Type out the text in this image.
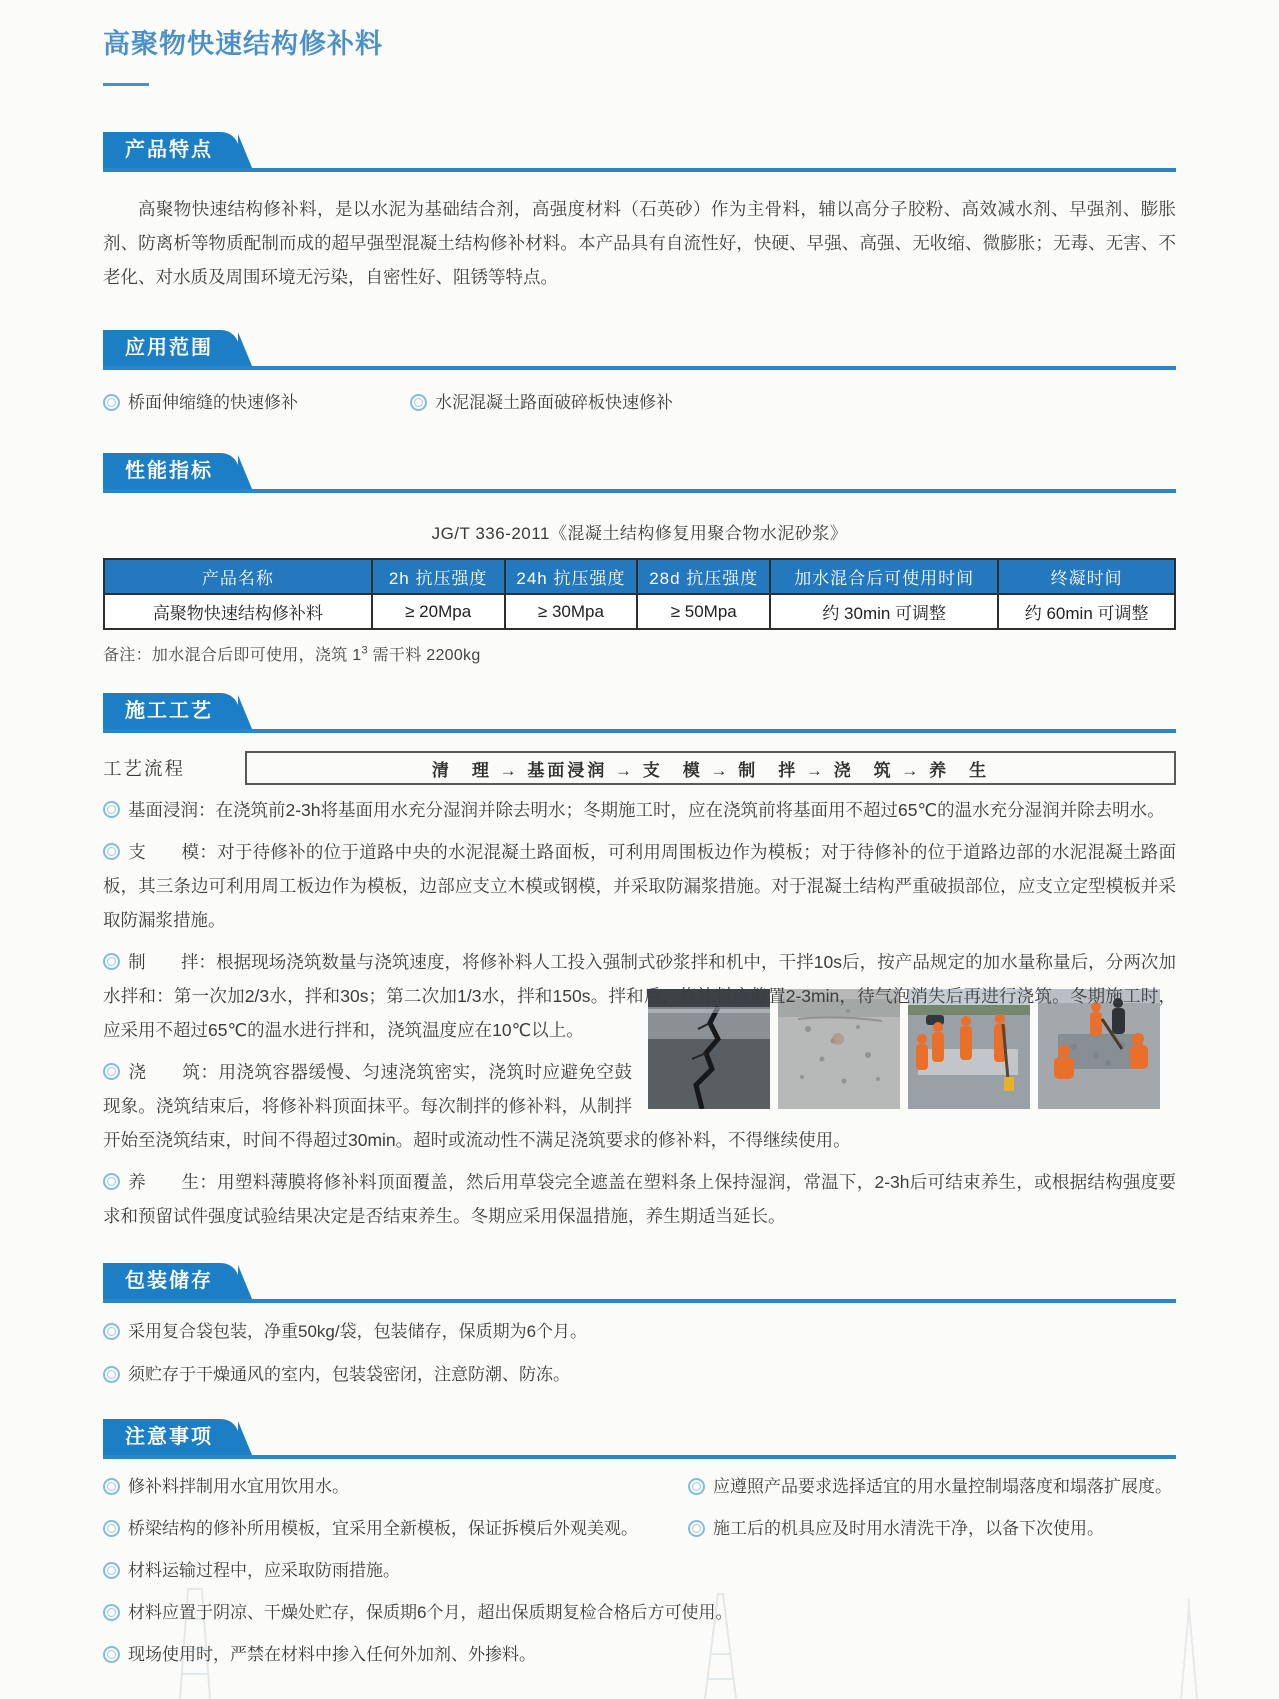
高聚物快速结构修补料
产品特点

高聚物快速结构修补料，是以水泥为基础结合剂，高强度材料（石英砂）作为主骨料，辅以高分子胶粉、高效减水剂、早强剂、膨胀剂、防离析等物质配制而成的超早强型混凝土结构修补材料。本产品具有自流性好，快硬、早强、高强、无收缩、微膨胀；无毒、无害、不老化、对水质及周围环境无污染，自密性好、阻锈等特点。

应用范围
桥面伸缩缝的快速修补	水泥混凝土路面破碎板快速修补
性能指标
JG/T 336-2011《混凝土结构修复用聚合物水泥砂浆》
产品名称	2h 抗压强度	24h 抗压强度	28d 抗压强度	加水混合后可使用时间	终凝时间
高聚物快速结构修补料	≥ 20Mpa	≥ 30Mpa	≥ 50Mpa	约 30min 可调整	约 60min 可调整
备注：加水混合后即可使用，浇筑 $1^3$ 需干料 2200kg
施工工艺
工艺流程	清　理 → 基面浸润 → 支　模 → 制　拌 → 浇　筑 → 养　生

基面浸润：在浇筑前2-3h将基面用水充分湿润并除去明水；冬期施工时，应在浇筑前将基面用不超过65℃的温水充分湿润并除去明水。

支　　模：对于待修补的位于道路中央的水泥混凝土路面板，可利用周围板边作为模板；对于待修补的位于道路边部的水泥混凝土路面板，其三条边可利用周工板边作为模板，边部应支立木模或钢模，并采取防漏浆措施。对于混凝土结构严重破损部位，应支立定型模板并采取防漏浆措施。

制　　拌：根据现场浇筑数量与浇筑速度，将修补料人工投入强制式砂浆拌和机中，干拌10s后，按产品规定的加水量称量后，分两次加水拌和：第一次加2/3水，拌和30s；第二次加1/3水，拌和150s。拌和后，修补料应静置2-3min，待气泡消失后再进行浇筑。冬期施工时，应采用不超过65℃的温水进行拌和，浇筑温度应在10℃以上。

浇　　筑：用浇筑容器缓慢、匀速浇筑密实，浇筑时应避免空鼓现象。浇筑结束后，将修补料顶面抹平。每次制拌的修补料，从制拌开始至浇筑结束，时间不得超过30min。超时或流动性不满足浇筑要求的修补料，不得继续使用。

养　　生：用塑料薄膜将修补料顶面覆盖，然后用草袋完全遮盖在塑料条上保持湿润，常温下，2-3h后可结束养生，或根据结构强度要求和预留试件强度试验结果决定是否结束养生。冬期应采用保温措施，养生期适当延长。

包装储存
采用复合袋包装，净重50kg/袋，包装储存，保质期为6个月。
须贮存于干燥通风的室内，包装袋密闭，注意防潮、防冻。
注意事项
修补料拌制用水宜用饮用水。	应遵照产品要求选择适宜的用水量控制塌落度和塌落扩展度。
桥梁结构的修补所用模板，宜采用全新模板，保证拆模后外观美观。	施工后的机具应及时用水清洗干净，以备下次使用。
材料运输过程中，应采取防雨措施。
材料应置于阴凉、干燥处贮存，保质期6个月，超出保质期复检合格后方可使用。
现场使用时，严禁在材料中掺入任何外加剂、外掺料。
